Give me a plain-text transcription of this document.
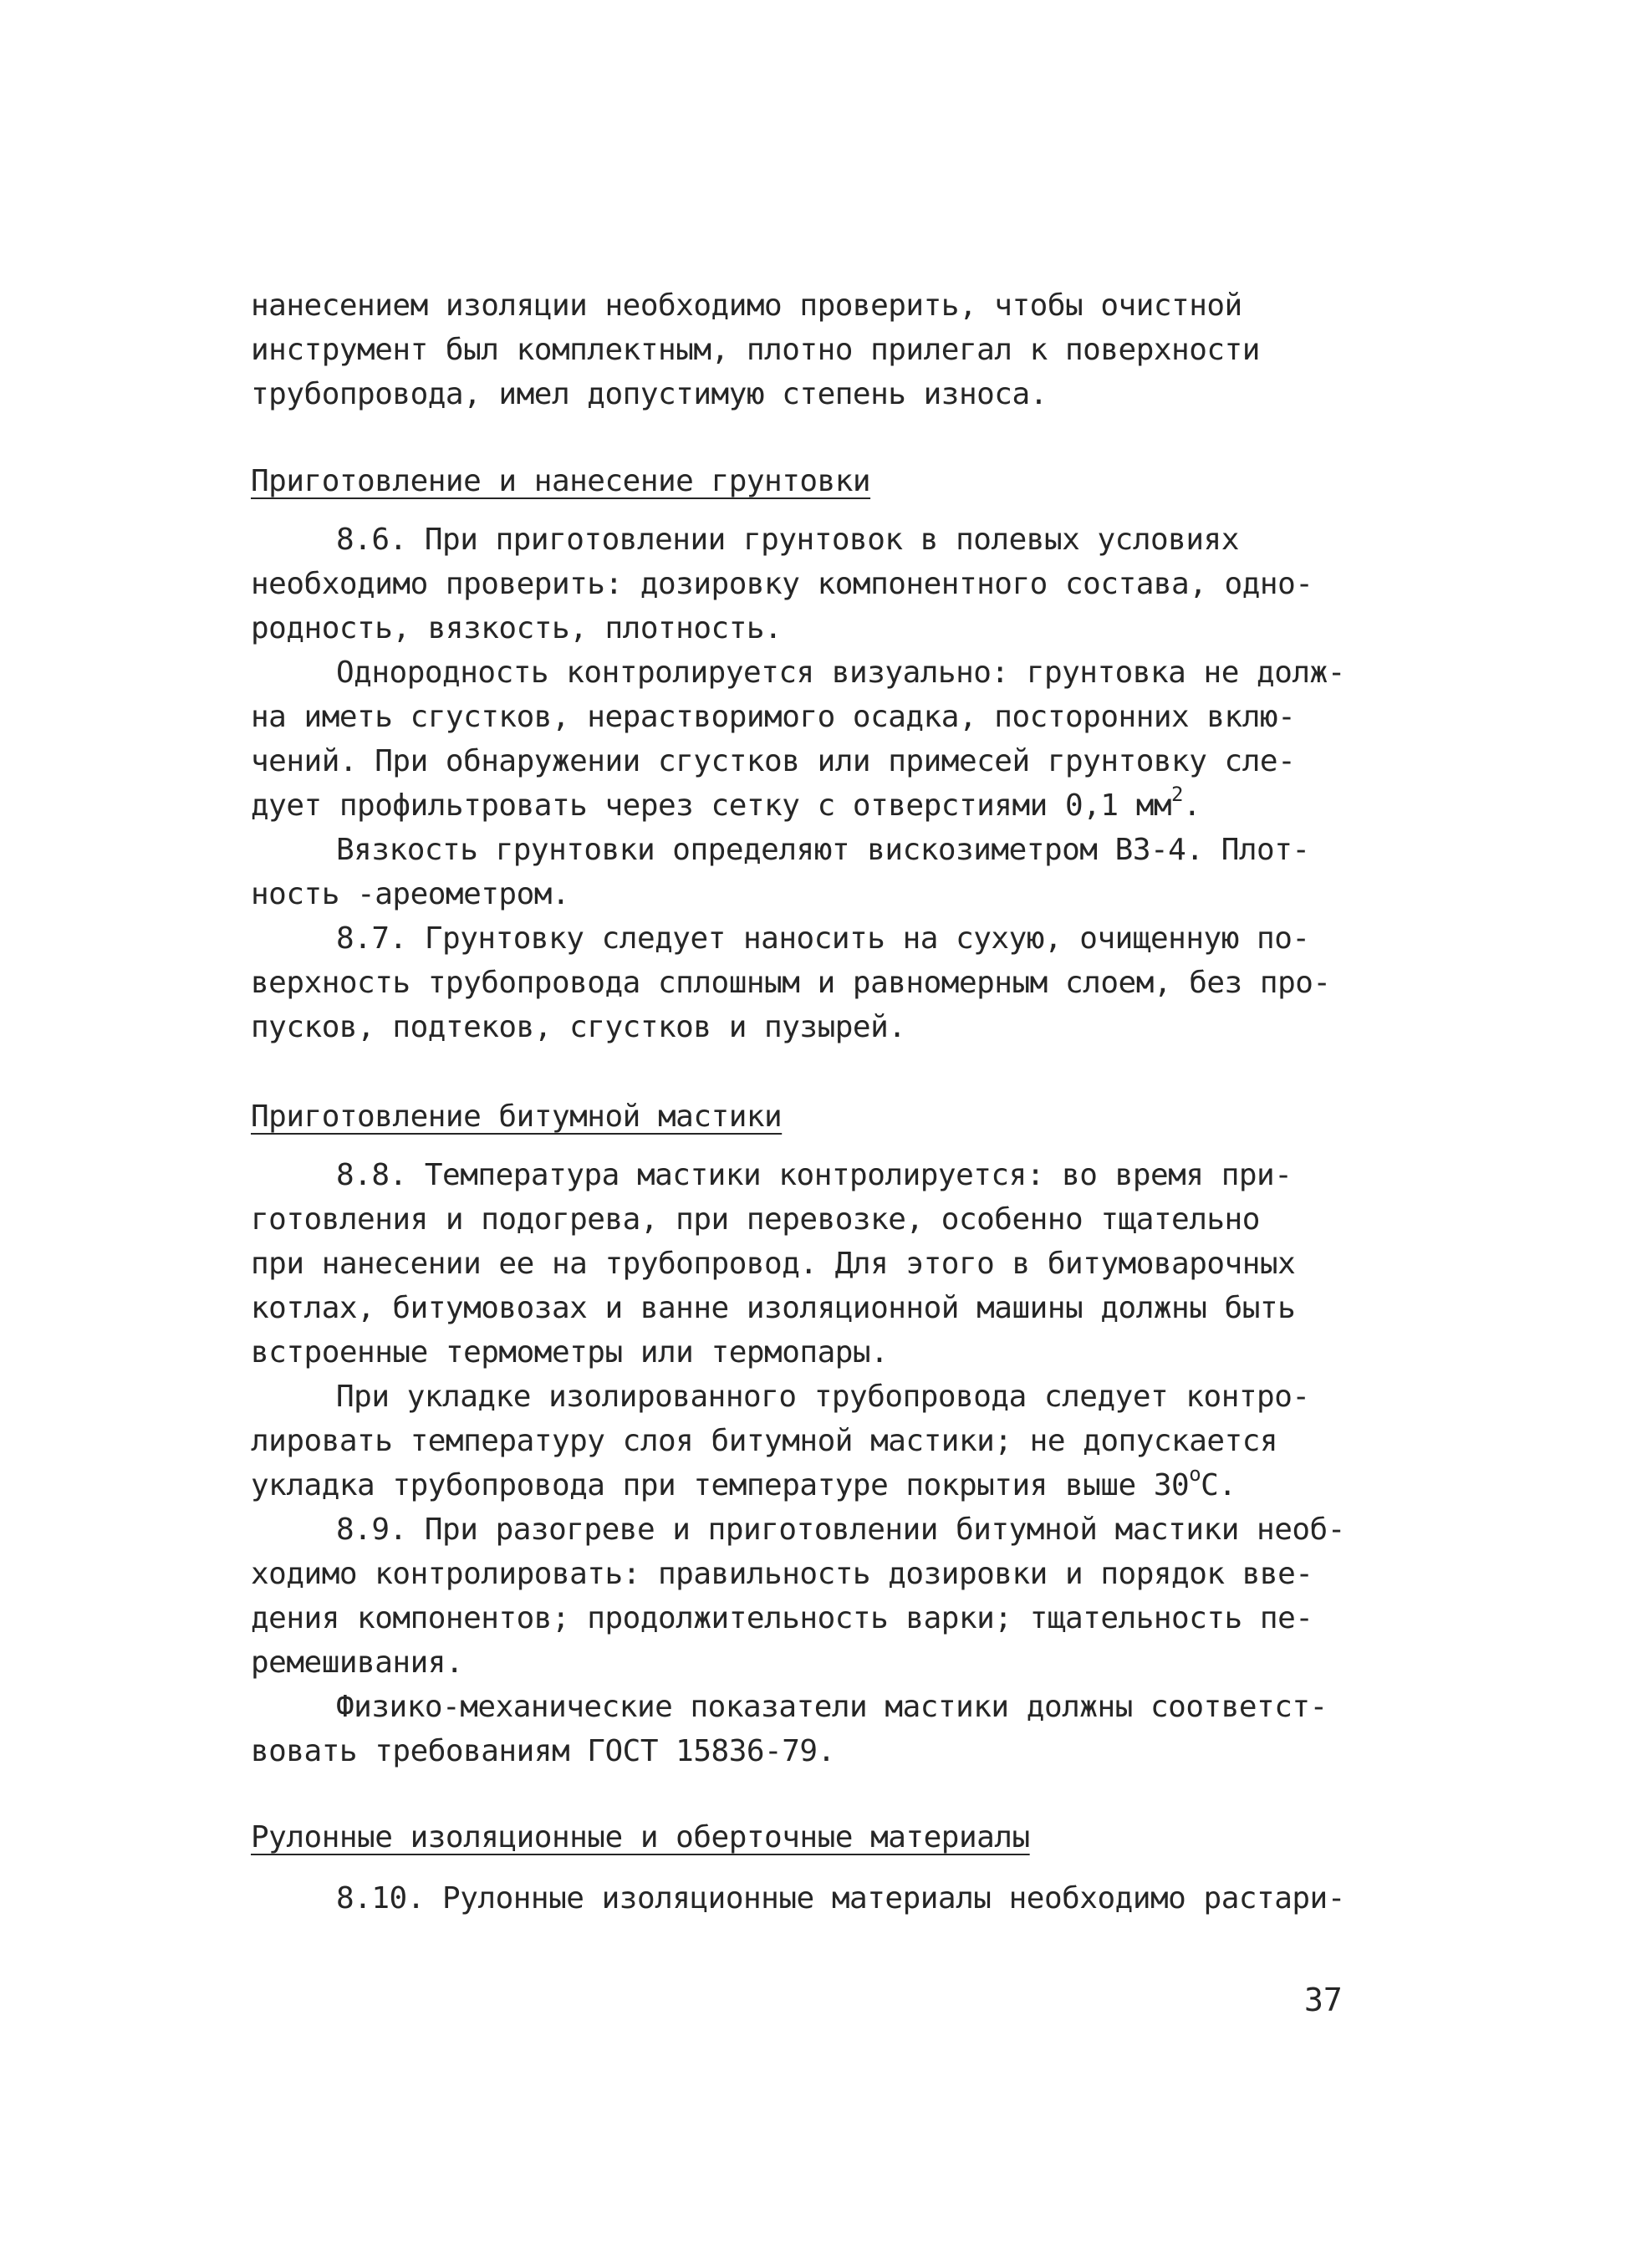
нанесением изоляции необходимо проверить, чтобы очистной
инструмент был комплектным, плотно прилегал к поверхности
трубопровода, имел допустимую степень износа.
Приготовление и нанесение грунтовки
8.6. При приготовлении грунтовок в полевых условиях
необходимо проверить: дозировку компонентного состава, одно-
родность, вязкость, плотность.
Однородность контролируется визуально: грунтовка не долж-
на иметь сгустков, нерастворимого осадка, посторонних вклю-
чений. При обнаружении сгустков или примесей грунтовку сле-
дует профильтровать через сетку с отверстиями 0,1 $мм^2$.
Вязкость грунтовки определяют вискозиметром ВЗ-4. Плот-
ность -ареометром.
8.7. Грунтовку следует наносить на сухую, очищенную по-
верхность трубопровода сплошным и равномерным слоем, без про-
пусков, подтеков, сгустков и пузырей.
Приготовление битумной мастики
8.8. Температура мастики контролируется: во время при-
готовления и подогрева, при перевозке, особенно тщательно
при нанесении ее на трубопровод. Для этого в битумоварочных
котлах, битумовозах и ванне изоляционной машины должны быть
встроенные термометры или термопары.
При укладке изолированного трубопровода следует контро-
лировать температуру слоя битумной мастики; не допускается
укладка трубопровода при температуре покрытия выше $30^оС$.
8.9. При разогреве и приготовлении битумной мастики необ-
ходимо контролировать: правильность дозировки и порядок вве-
дения компонентов; продолжительность варки; тщательность пе-
ремешивания.
Физико-механические показатели мастики должны соответст-
вовать требованиям ГОСТ 15836-79.
Рулонные изоляционные и оберточные материалы
8.10. Рулонные изоляционные материалы необходимо растари-
37
